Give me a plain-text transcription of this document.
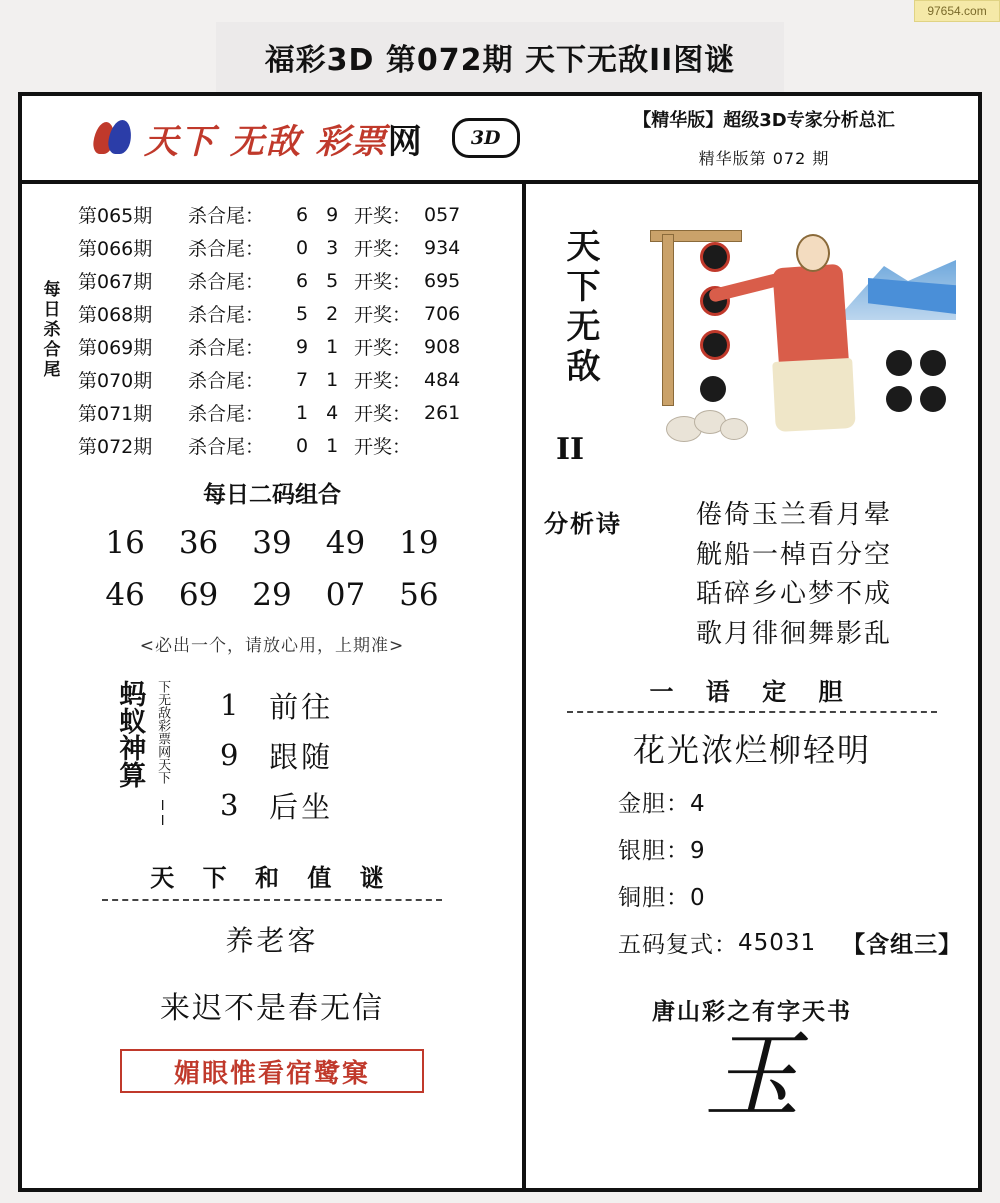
97654.com
福彩3D 第072期 天下无敌II图谜
天下 无敌 彩票网	3D
【精华版】超级3D专家分析总汇
精华版第 072 期
每日杀合尾
第065期	杀合尾：	6 9 开奖： 057
第066期	杀合尾：	0 3 开奖： 934
第067期	杀合尾：	6 5 开奖： 695
第068期	杀合尾：	5 2 开奖： 706
第069期	杀合尾：	9 1 开奖： 908
第070期	杀合尾：	7 1 开奖： 484
第071期	杀合尾：	1 4 开奖： 261
第072期	杀合尾：	0 1 开奖：
每日二码组合
16 36 39 49 19
46 69 29 07 56
<必出一个，请放心用，上期准>
蚂蚁神算 下无敌彩票网天下 II	1	前往
9	跟随
3	后坐
天 下 和 值 谜
养老客
来迟不是春无信
媚眼惟看宿鹭窠
天下无敌
II
分析诗	倦倚玉兰看月晕
觥船一棹百分空
聒碎乡心梦不成
歌月徘徊舞影乱
一 语 定 胆
花光浓烂柳轻明
金胆：4
银胆：9
铜胆：0
五码复式： 45031 【含组三】
唐山彩之有字天书
玉
